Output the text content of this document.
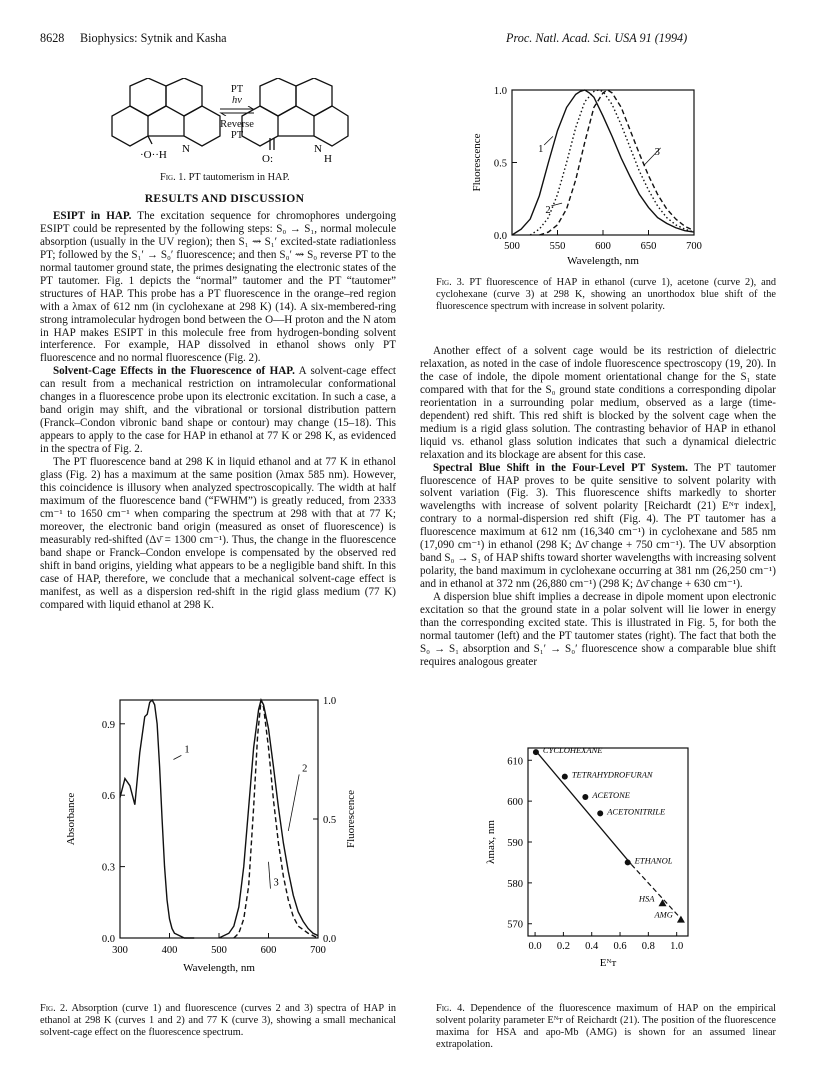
8628 Biophysics: Sytnik and Kasha	Proc. Natl. Acad. Sci. USA 91 (1994)
·O··H N
O:
N
H
PT
hν
Reverse
PT
Fig. 1. PT tautomerism in HAP.

RESULTS AND DISCUSSION

ESIPT in HAP. The excitation sequence for chromophores undergoing ESIPT could be represented by the following steps: S₀ → S₁, normal molecule absorption (usually in the UV region); then S₁ ⇝ S₁′ excited-state radiationless PT; followed by the S₁′ → S₀′ fluorescence; and then S₀′ ⇝ S₀ reverse PT to the normal tautomer ground state, the primes designating the electronic states of the PT tautomer. Fig. 1 depicts the “normal” tautomer and the PT “tautomer” structures of HAP. This probe has a PT fluorescence in the orange–red region with a λmax of 612 nm (in cyclohexane at 298 K) (14). A six-membered-ring strong intramolecular hydrogen bond between the O—H proton and the N atom in HAP makes ESIPT in this molecule free from hydrogen-bonding solvent interference. For example, HAP dissolved in ethanol shows only PT fluorescence and no normal fluorescence (Fig. 2).

Solvent-Cage Effects in the Fluorescence of HAP. A solvent-cage effect can result from a mechanical restriction on intramolecular conformational changes in a fluorescence probe upon its electronic excitation. In such a case, a band origin may shift, and the vibrational or torsional distribution pattern (Franck–Condon vibronic band shape or contour) may change (15–18). This appears to apply to the case for HAP in ethanol at 77 K or 298 K, as evidenced in the spectra of Fig. 2.

The PT fluorescence band at 298 K in liquid ethanol and at 77 K in ethanol glass (Fig. 2) has a maximum at the same position (λmax 585 nm). However, this coincidence is illusory when analyzed spectroscopically. The width at half maximum of the fluorescence band (“FWHM”) is greatly reduced, from 2333 cm⁻¹ to 1650 cm⁻¹ when comparing the spectrum at 298 with that at 77 K; moreover, the electronic band origin (measured as onset of fluorescence) is measurably red-shifted (Δν̄ = 1300 cm⁻¹). Thus, the change in the fluorescence band shape or Franck–Condon envelope is compensated by the observed red shift in band origins, yielding what appears to be a negligible band shift. In this case of HAP, therefore, we conclude that a mechanical solvent-cage effect is manifest, as well as a dispersion red-shift in the rigid glass medium (77 K) compared with liquid ethanol at 298 K.

Another effect of a solvent cage would be its restriction of dielectric relaxation, as noted in the case of indole fluorescence spectroscopy (19, 20). In the case of indole, the dipole moment orientational change for the S₁ state compared with that for the S₀ ground state conditions a corresponding dipolar reorientation in a surrounding polar medium, observed as a large (time-dependent) red shift. This red shift is blocked by the solvent cage when the medium is a rigid glass solution. The contrasting behavior of HAP in ethanol liquid vs. ethanol glass solution indicates that such a dynamical dielectric relaxation and its blockage are absent for this case.

Spectral Blue Shift in the Four-Level PT System. The PT tautomer fluorescence of HAP proves to be quite sensitive to solvent polarity with solvent variation (Fig. 3). This fluorescence shifts markedly to shorter wavelengths with increase of solvent polarity [Reichardt (21) Eᴺᴛ index], contrary to a normal-dispersion red shift (Fig. 4). The PT tautomer has a fluorescence maximum at 612 nm (16,340 cm⁻¹) in cyclohexane and 585 nm (17,090 cm⁻¹) in ethanol (298 K; Δν̄ change + 750 cm⁻¹). The UV absorption band S₀ → S₁ of HAP shifts toward shorter wavelengths with increasing solvent polarity, the band maximum in cyclohexane occurring at 381 nm (26,250 cm⁻¹) and in ethanol at 372 nm (26,880 cm⁻¹) (298 K; Δν̄ change + 630 cm⁻¹).

A dispersion blue shift implies a decrease in dipole moment upon electronic excitation so that the ground state in a polar solvent will lie lower in energy than the corresponding excited state. This is illustrated in Fig. 5, for both the normal tautomer (left) and the PT tautomer states (right). The fact that both the S₀ → S₁ absorption and S₁′ → S₀′ fluorescence show a comparable blue shift requires analogous greater

300	400	500	600	700
0.0
0.3
0.6
0.9
0.0
0.5
1.0
Wavelength, nm
Absorbance	Fluorescence
1
2
3
Fig. 2. Absorption (curve 1) and fluorescence (curves 2 and 3) spectra of HAP in ethanol at 298 K (curves 1 and 2) and 77 K (curve 3), showing a small mechanical solvent-cage effect on the fluorescence spectrum.
500	550	600	650	700
0.0
0.5
1.0
Wavelength, nm
Fluorescence	1
2
3
Fig. 3. PT fluorescence of HAP in ethanol (curve 1), acetone (curve 2), and cyclohexane (curve 3) at 298 K, showing an unorthodox blue shift of the fluorescence spectrum with increase in solvent polarity.
0.0 0.2 0.4 0.6 0.8 1.0
570
580
590
600
610
Eᴺᴛ
λmax, nm
CYCLOHEXANE
TETRAHYDROFURAN
ACETONE
ACETONITRILE
ETHANOL
HSA
AMG
Fig. 4. Dependence of the fluorescence maximum of HAP on the empirical solvent polarity parameter Eᴺᴛ of Reichardt (21). The position of the fluorescence maxima for HSA and apo-Mb (AMG) is shown for an assumed linear extrapolation.
